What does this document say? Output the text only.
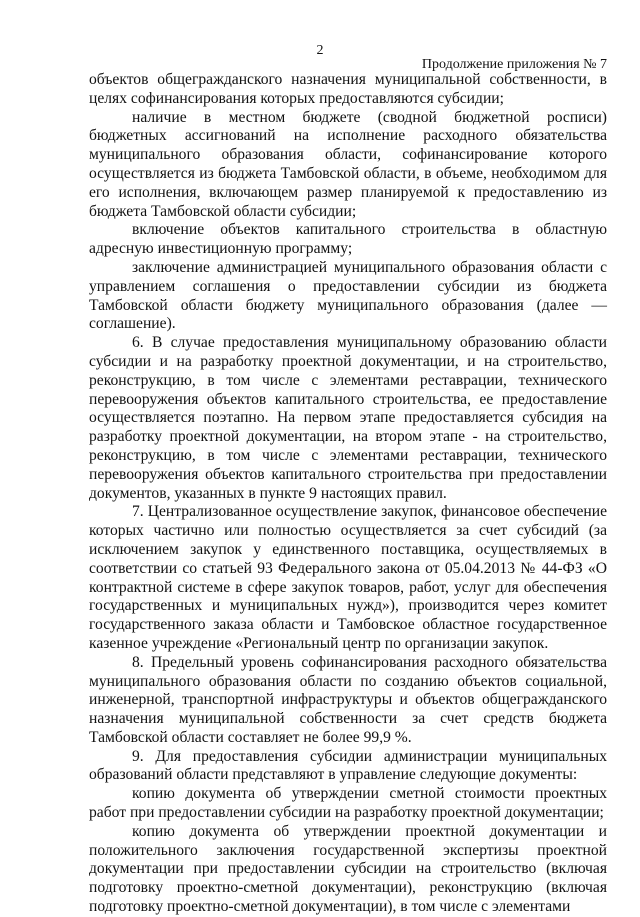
2
Продолжение приложения № 7

объектов общегражданского назначения муниципальной собственности, в целях софинансирования которых предоставляются субсидии;

наличие в местном бюджете (сводной бюджетной росписи) бюджетных ассигнований на исполнение расходного обязательства муниципального образования области, софинансирование которого осуществляется из бюджета Тамбовской области, в объеме, необходимом для его исполнения, включающем размер планируемой к предоставлению из бюджета Тамбовской области субсидии;

включение объектов капитального строительства в областную адресную инвестиционную программу;

заключение администрацией муниципального образования области с управлением соглашения о предоставлении субсидии из бюджета Тамбовской области бюджету муниципального образования (далее — соглашение).

6. В случае предоставления муниципальному образованию области субсидии и на разработку проектной документации, и на строительство, реконструкцию, в том числе с элементами реставрации, технического перевооружения объектов капитального строительства, ее предоставление осуществляется поэтапно. На первом этапе предоставляется субсидия на разработку проектной документации, на втором этапе - на строительство, реконструкцию, в том числе с элементами реставрации, технического перевооружения объектов капитального строительства при предоставлении документов, указанных в пункте 9 настоящих правил.

7. Централизованное осуществление закупок, финансовое обеспечение которых частично или полностью осуществляется за счет субсидий (за исключением закупок у единственного поставщика, осуществляемых в соответствии со статьей 93 Федерального закона от 05.04.2013 № 44-ФЗ «О контрактной системе в сфере закупок товаров, работ, услуг для обеспечения государственных и муниципальных нужд»), производится через комитет государственного заказа области и Тамбовское областное государственное казенное учреждение «Региональный центр по организации закупок.

8. Предельный уровень софинансирования расходного обязательства муниципального образования области по созданию объектов социальной, инженерной, транспортной инфраструктуры и объектов общегражданского назначения муниципальной собственности за счет средств бюджета Тамбовской области составляет не более 99,9 %.

9. Для предоставления субсидии администрации муниципальных образований области представляют в управление следующие документы:

копию документа об утверждении сметной стоимости проектных работ при предоставлении субсидии на разработку проектной документации;

копию документа об утверждении проектной документации и положительного заключения государственной экспертизы проектной документации при предоставлении субсидии на строительство (включая подготовку проектно-сметной документации), реконструкцию (включая подготовку проектно-сметной документации), в том числе с элементами
